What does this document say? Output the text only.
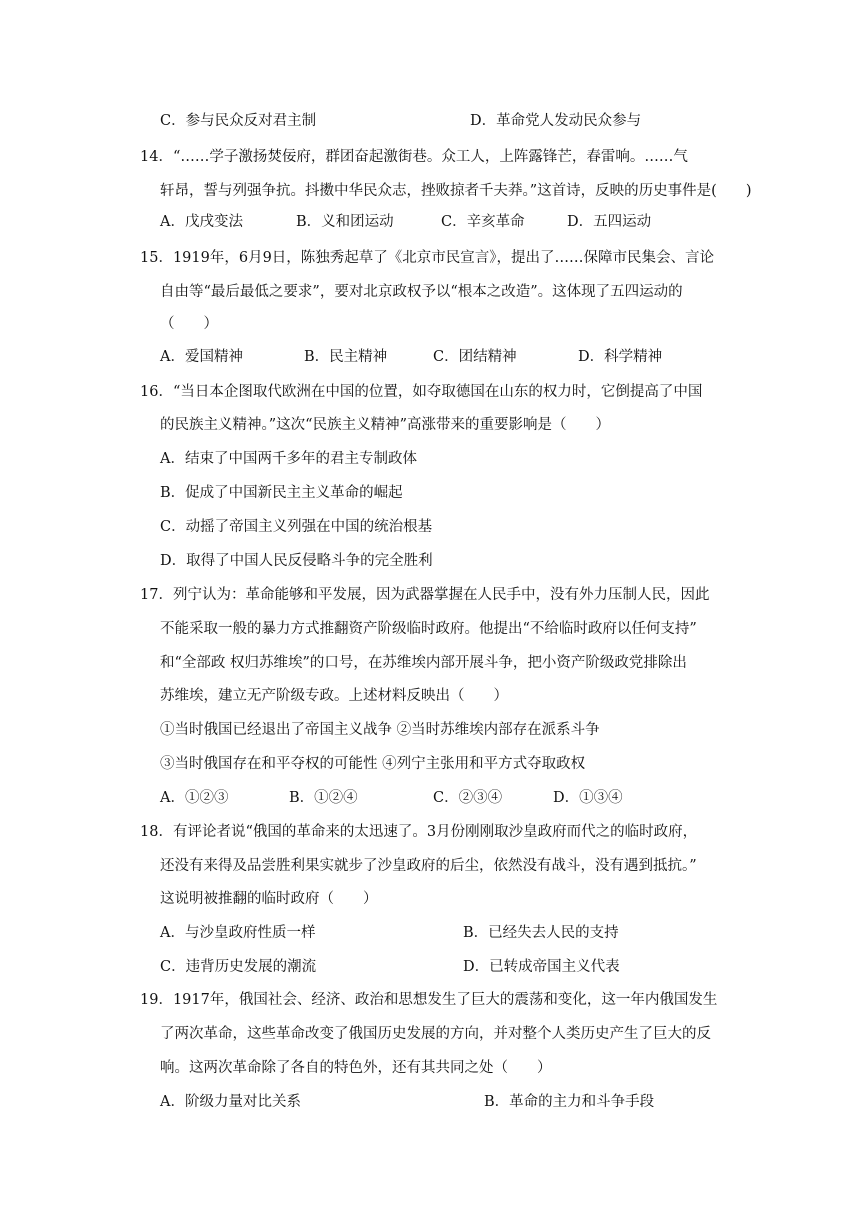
C．参与民众反对君主制	D．革命党人发动民众参与
14．“……学子激扬焚佞府，群团奋起激街巷。众工人，上阵露锋芒，春雷响。……气
轩昂，誓与列强争抗。抖擞中华民众志，挫败掠者千夫莽。”这首诗，反映的历史事件是(　　)
A．戊戌变法	B．义和团运动	C．辛亥革命	D．五四运动
15．1919年，6月9日，陈独秀起草了《北京市民宣言》，提出了……保障市民集会、言论
自由等“最后最低之要求”，要对北京政权予以“根本之改造”。这体现了五四运动的
（　　）
A．爱国精神	B．民主精神	C．团结精神	D．科学精神
16．“当日本企图取代欧洲在中国的位置，如夺取德国在山东的权力时，它倒提高了中国
的民族主义精神。”这次“民族主义精神”高涨带来的重要影响是（　　）
A．结束了中国两千多年的君主专制政体
B．促成了中国新民主主义革命的崛起
C．动摇了帝国主义列强在中国的统治根基
D．取得了中国人民反侵略斗争的完全胜利
17．列宁认为：革命能够和平发展，因为武器掌握在人民手中，没有外力压制人民，因此
不能采取一般的暴力方式推翻资产阶级临时政府。他提出“不给临时政府以任何支持”
和“全部政 权归苏维埃”的口号，在苏维埃内部开展斗争，把小资产阶级政党排除出
苏维埃，建立无产阶级专政。上述材料反映出（　　）
①当时俄国已经退出了帝国主义战争 ②当时苏维埃内部存在派系斗争
③当时俄国存在和平夺权的可能性 ④列宁主张用和平方式夺取政权
A．①②③	B．①②④	C．②③④	D．①③④
18．有评论者说“俄国的革命来的太迅速了。3月份刚刚取沙皇政府而代之的临时政府，
还没有来得及品尝胜利果实就步了沙皇政府的后尘，依然没有战斗，没有遇到抵抗。”
这说明被推翻的临时政府（　　）
A．与沙皇政府性质一样	B．已经失去人民的支持
C．违背历史发展的潮流	D．已转成帝国主义代表
19．1917年，俄国社会、经济、政治和思想发生了巨大的震荡和变化，这一年内俄国发生
了两次革命，这些革命改变了俄国历史发展的方向，并对整个人类历史产生了巨大的反
响。这两次革命除了各自的特色外，还有其共同之处（　　）
A．阶级力量对比关系	B．革命的主力和斗争手段
